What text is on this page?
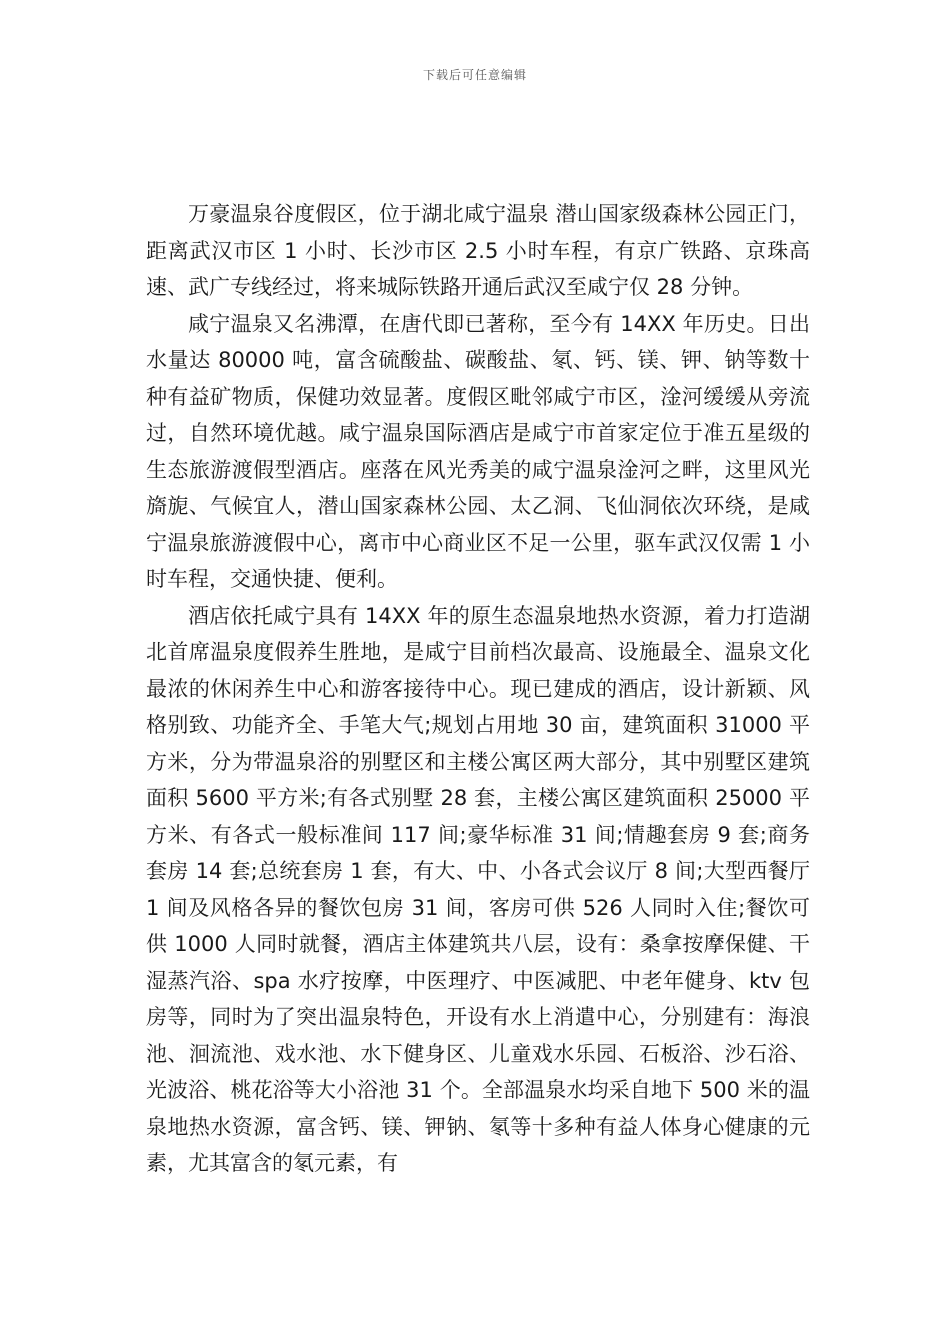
下载后可任意编辑

万豪温泉谷度假区，位于湖北咸宁温泉 潜山国家级森林公园正门，距离武汉市区 1 小时、长沙市区 2.5 小时车程，有京广铁路、京珠高速、武广专线经过，将来城际铁路开通后武汉至咸宁仅 28 分钟。

咸宁温泉又名沸潭，在唐代即已著称，至今有 14XX 年历史。日出水量达 80000 吨，富含硫酸盐、碳酸盐、氡、钙、镁、钾、钠等数十种有益矿物质，保健功效显著。度假区毗邻咸宁市区，淦河缓缓从旁流过，自然环境优越。咸宁温泉国际酒店是咸宁市首家定位于准五星级的生态旅游渡假型酒店。座落在风光秀美的咸宁温泉淦河之畔，这里风光旖旎、气候宜人，潜山国家森林公园、太乙洞、飞仙洞依次环绕，是咸宁温泉旅游渡假中心，离市中心商业区不足一公里，驱车武汉仅需 1 小时车程，交通快捷、便利。

酒店依托咸宁具有 14XX 年的原生态温泉地热水资源，着力打造湖北首席温泉度假养生胜地，是咸宁目前档次最高、设施最全、温泉文化最浓的休闲养生中心和游客接待中心。现已建成的酒店，设计新颖、风格别致、功能齐全、手笔大气;规划占用地 30 亩，建筑面积 31000 平方米，分为带温泉浴的别墅区和主楼公寓区两大部分，其中别墅区建筑面积 5600 平方米;有各式别墅 28 套，主楼公寓区建筑面积 25000 平方米、有各式一般标准间 117 间;豪华标准 31 间;情趣套房 9 套;商务套房 14 套;总统套房 1 套，有大、中、小各式会议厅 8 间;大型西餐厅 1 间及风格各异的餐饮包房 31 间，客房可供 526 人同时入住;餐饮可供 1000 人同时就餐，酒店主体建筑共八层，设有：桑拿按摩保健、干湿蒸汽浴、spa 水疗按摩，中医理疗、中医减肥、中老年健身、ktv 包房等，同时为了突出温泉特色，开设有水上消遣中心，分别建有：海浪池、洄流池、戏水池、水下健身区、儿童戏水乐园、石板浴、沙石浴、光波浴、桃花浴等大小浴池 31 个。全部温泉水均采自地下 500 米的温泉地热水资源，富含钙、镁、钾钠、氡等十多种有益人体身心健康的元素，尤其富含的氡元素，有
